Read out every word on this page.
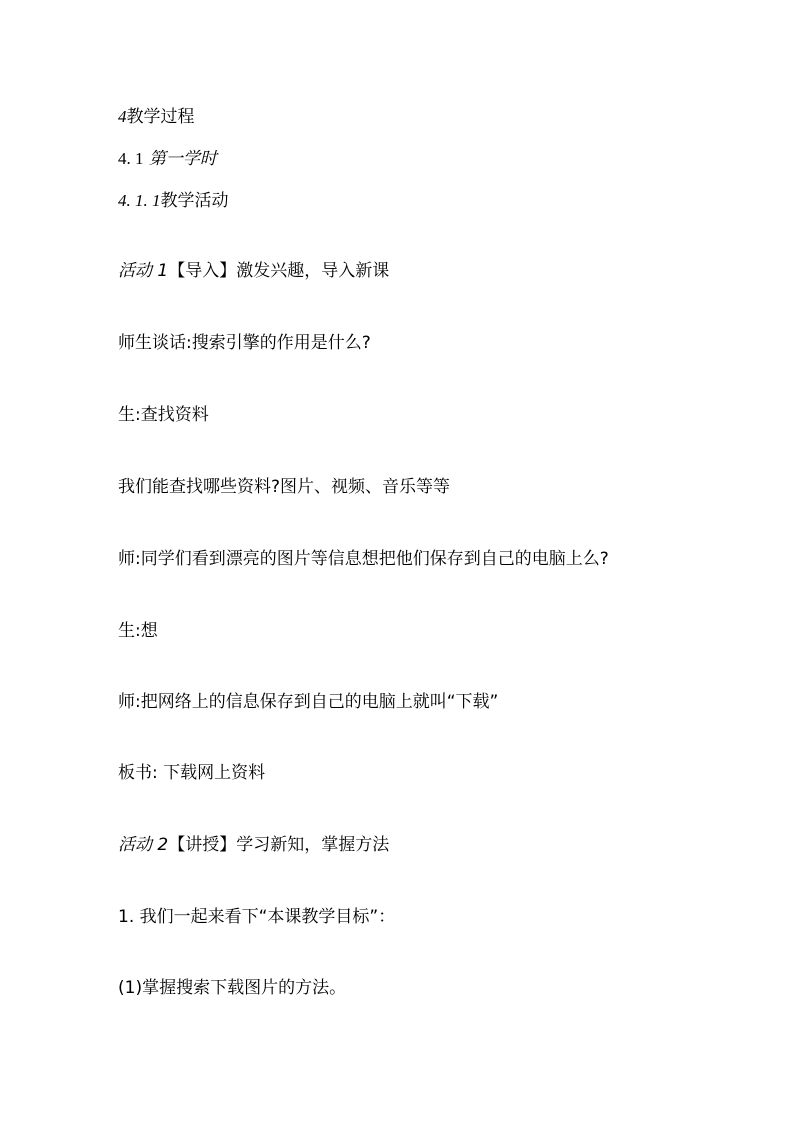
4教学过程
4. 1 第一学时
4. 1. 1教学活动
活动 1【导入】激发兴趣，导入新课
师生谈话:搜索引擎的作用是什么?
生:查找资料
我们能查找哪些资料?图片、视频、音乐等等
师:同学们看到漂亮的图片等信息想把他们保存到自己的电脑上么?
生:想
师:把网络上的信息保存到自己的电脑上就叫“下载”
板书: 下载网上资料
活动 2【讲授】学习新知，掌握方法
1. 我们一起来看下“本课教学目标”：
(1)掌握搜索下载图片的方法。
